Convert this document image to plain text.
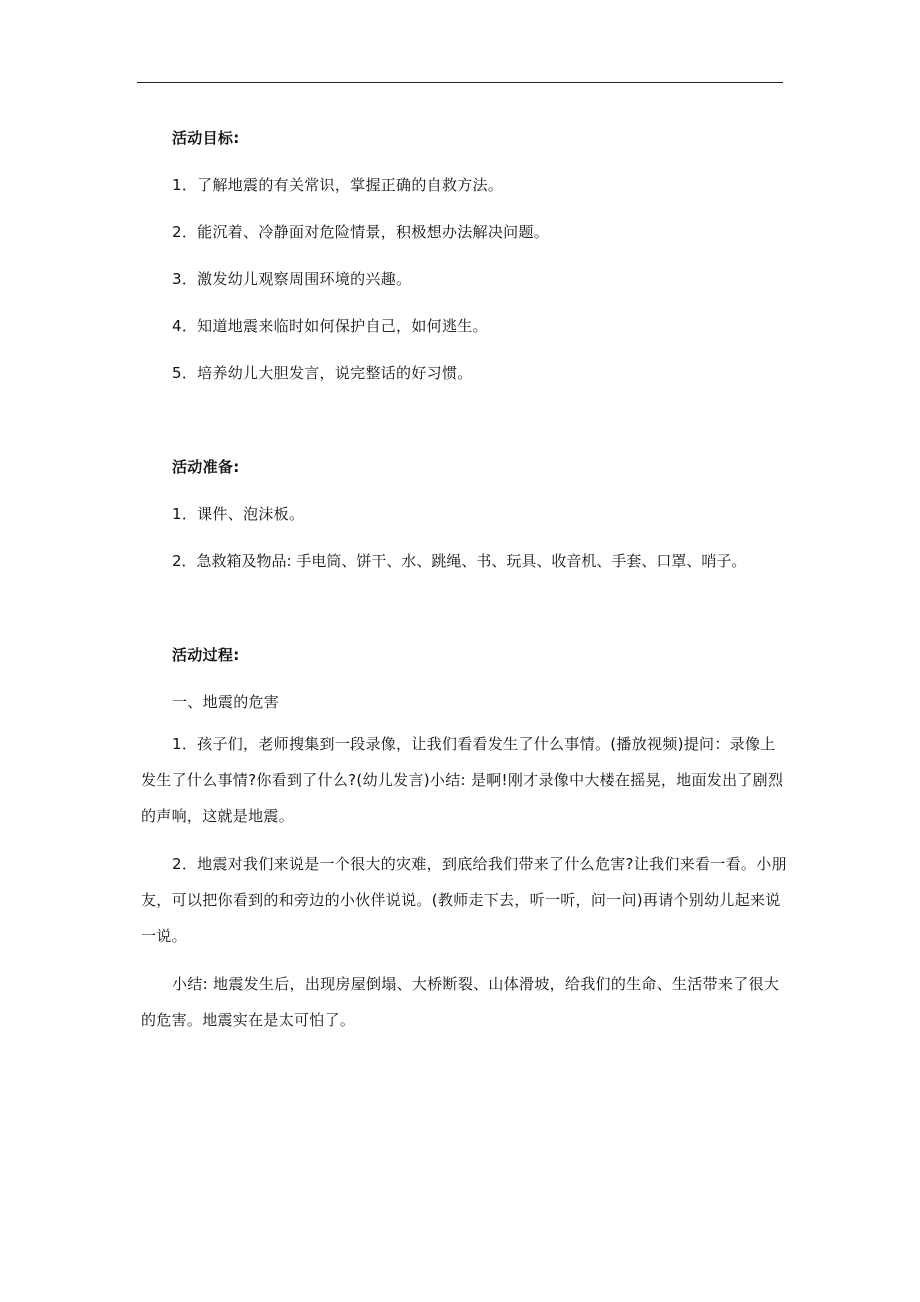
活动目标:

1．了解地震的有关常识，掌握正确的自救方法。

2．能沉着、冷静面对危险情景，积极想办法解决问题。

3．激发幼儿观察周围环境的兴趣。

4．知道地震来临时如何保护自己，如何逃生。

5．培养幼儿大胆发言，说完整话的好习惯。

活动准备:

1．课件、泡沫板。

2．急救箱及物品: 手电筒、饼干、水、跳绳、书、玩具、收音机、手套、口罩、哨子。

活动过程:

一、地震的危害

1．孩子们，老师搜集到一段录像，让我们看看发生了什么事情。(播放视频)提问：录像上发生了什么事情?你看到了什么?(幼儿发言)小结: 是啊!刚才录像中大楼在摇晃，地面发出了剧烈的声响，这就是地震。

2．地震对我们来说是一个很大的灾难，到底给我们带来了什么危害?让我们来看一看。小朋友，可以把你看到的和旁边的小伙伴说说。(教师走下去，听一听，问一问)再请个别幼儿起来说一说。

小结: 地震发生后，出现房屋倒塌、大桥断裂、山体滑坡，给我们的生命、生活带来了很大的危害。地震实在是太可怕了。
